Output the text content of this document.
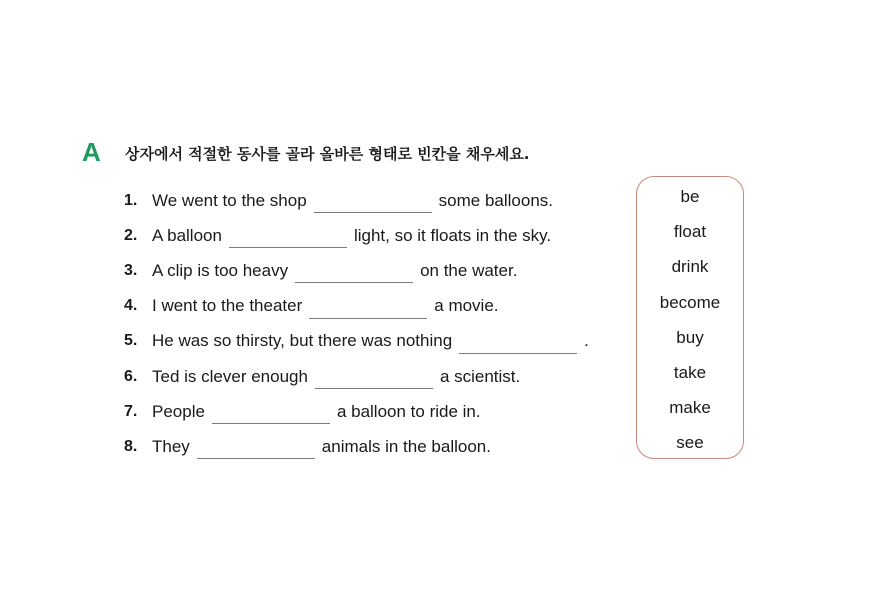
A 상자에서 적절한 동사를 골라 올바른 형태로 빈칸을 채우세요.
1. We went to the shop	some balloons.
2. A balloon	light, so it floats in the sky.
3. A clip is too heavy	on the water.
4. I went to the theater	a movie.
5. He was so thirsty, but there was nothing	.
6. Ted is clever enough	a scientist.
7. People	a balloon to ride in.
8. They	animals in the balloon.
be
float
drink
become
buy
take
make
see
